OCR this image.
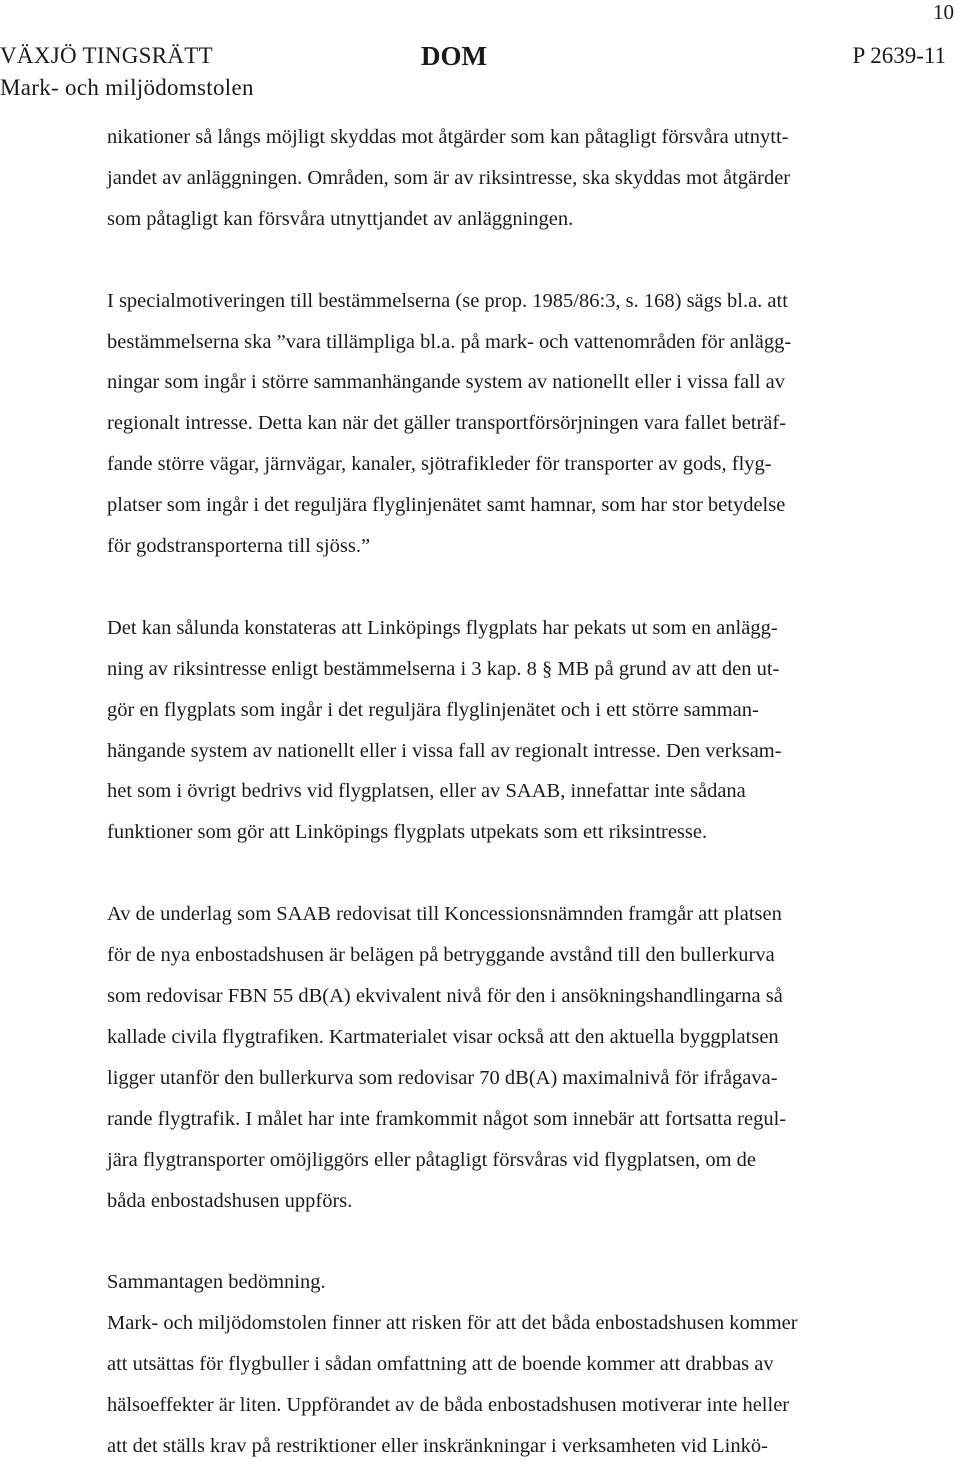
10
VÄXJÖ TINGSRÄTT
Mark- och miljödomstolen
DOM	P 2639-11

nikationer så långs möjligt skyddas mot åtgärder som kan påtagligt försvåra utnytt-
jandet av anläggningen. Områden, som är av riksintresse, ska skyddas mot åtgärder
som påtagligt kan försvåra utnyttjandet av anläggningen.

I specialmotiveringen till bestämmelserna (se prop. 1985/86:3, s. 168) sägs bl.a. att
bestämmelserna ska ”vara tillämpliga bl.a. på mark- och vattenområden för anlägg-
ningar som ingår i större sammanhängande system av nationellt eller i vissa fall av
regionalt intresse. Detta kan när det gäller transportförsörjningen vara fallet beträf-
fande större vägar, järnvägar, kanaler, sjötrafikleder för transporter av gods, flyg-
platser som ingår i det reguljära flyglinjenätet samt hamnar, som har stor betydelse
för godstransporterna till sjöss.”

Det kan sålunda konstateras att Linköpings flygplats har pekats ut som en anlägg-
ning av riksintresse enligt bestämmelserna i 3 kap. 8 § MB på grund av att den ut-
gör en flygplats som ingår i det reguljära flyglinjenätet och i ett större samman-
hängande system av nationellt eller i vissa fall av regionalt intresse. Den verksam-
het som i övrigt bedrivs vid flygplatsen, eller av SAAB, innefattar inte sådana
funktioner som gör att Linköpings flygplats utpekats som ett riksintresse.

Av de underlag som SAAB redovisat till Koncessionsnämnden framgår att platsen
för de nya enbostadshusen är belägen på betryggande avstånd till den bullerkurva
som redovisar FBN 55 dB(A) ekvivalent nivå för den i ansökningshandlingarna så
kallade civila flygtrafiken. Kartmaterialet visar också att den aktuella byggplatsen
ligger utanför den bullerkurva som redovisar 70 dB(A) maximalnivå för ifrågava-
rande flygtrafik. I målet har inte framkommit något som innebär att fortsatta regul-
jära flygtransporter omöjliggörs eller påtagligt försvåras vid flygplatsen, om de
båda enbostadshusen uppförs.

Sammantagen bedömning.
Mark- och miljödomstolen finner att risken för att det båda enbostadshusen kommer
att utsättas för flygbuller i sådan omfattning att de boende kommer att drabbas av
hälsoeffekter är liten. Uppförandet av de båda enbostadshusen motiverar inte heller
att det ställs krav på restriktioner eller inskränkningar i verksamheten vid Linkö-
